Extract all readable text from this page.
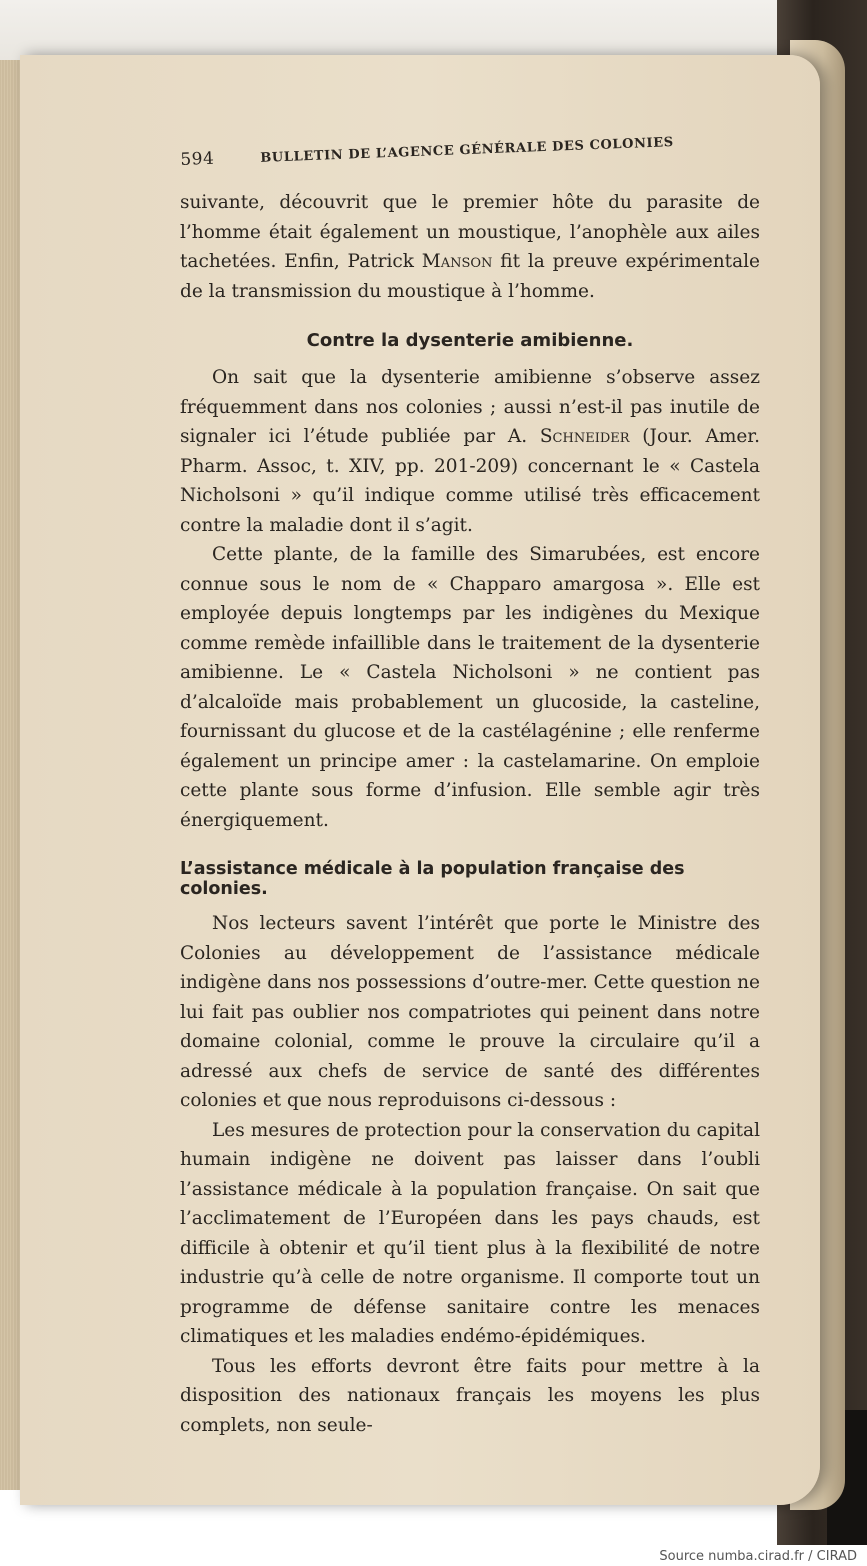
594	BULLETIN DE L’AGENCE GÉNÉRALE DES COLONIES

suivante, découvrit que le premier hôte du parasite de l’homme était également un moustique, l’anophèle aux ailes tachetées. Enfin, Patrick Manson fit la preuve expérimentale de la transmission du moustique à l’homme.

Contre la dysenterie amibienne.

On sait que la dysenterie amibienne s’observe assez fréquemment dans nos colonies ; aussi n’est-il pas inutile de signaler ici l’étude publiée par A. Schneider (Jour. Amer. Pharm. Assoc, t. XIV, pp. 201-209) concernant le « Castela Nicholsoni » qu’il indique comme utilisé très efficacement contre la maladie dont il s’agit.

Cette plante, de la famille des Simarubées, est encore connue sous le nom de « Chapparo amargosa ». Elle est employée depuis longtemps par les indigènes du Mexique comme remède infaillible dans le traitement de la dysenterie amibienne. Le « Castela Nicholsoni » ne contient pas d’alcaloïde mais probablement un glucoside, la casteline, fournissant du glucose et de la castélagénine ; elle renferme également un principe amer : la castelamarine. On emploie cette plante sous forme d’infusion. Elle semble agir très énergiquement.

L’assistance médicale à la population française des colonies.

Nos lecteurs savent l’intérêt que porte le Ministre des Colonies au développement de l’assistance médicale indigène dans nos possessions d’outre-mer. Cette question ne lui fait pas oublier nos compatriotes qui peinent dans notre domaine colonial, comme le prouve la circulaire qu’il a adressé aux chefs de service de santé des différentes colonies et que nous reproduisons ci-dessous :

Les mesures de protection pour la conservation du capital humain indigène ne doivent pas laisser dans l’oubli l’assistance médicale à la population française. On sait que l’acclimatement de l’Européen dans les pays chauds, est difficile à obtenir et qu’il tient plus à la flexibilité de notre industrie qu’à celle de notre organisme. Il comporte tout un programme de défense sanitaire contre les menaces climatiques et les maladies endémo-épidémiques.

Tous les efforts devront être faits pour mettre à la disposition des nationaux français les moyens les plus complets, non seule-

Source numba.cirad.fr / CIRAD
